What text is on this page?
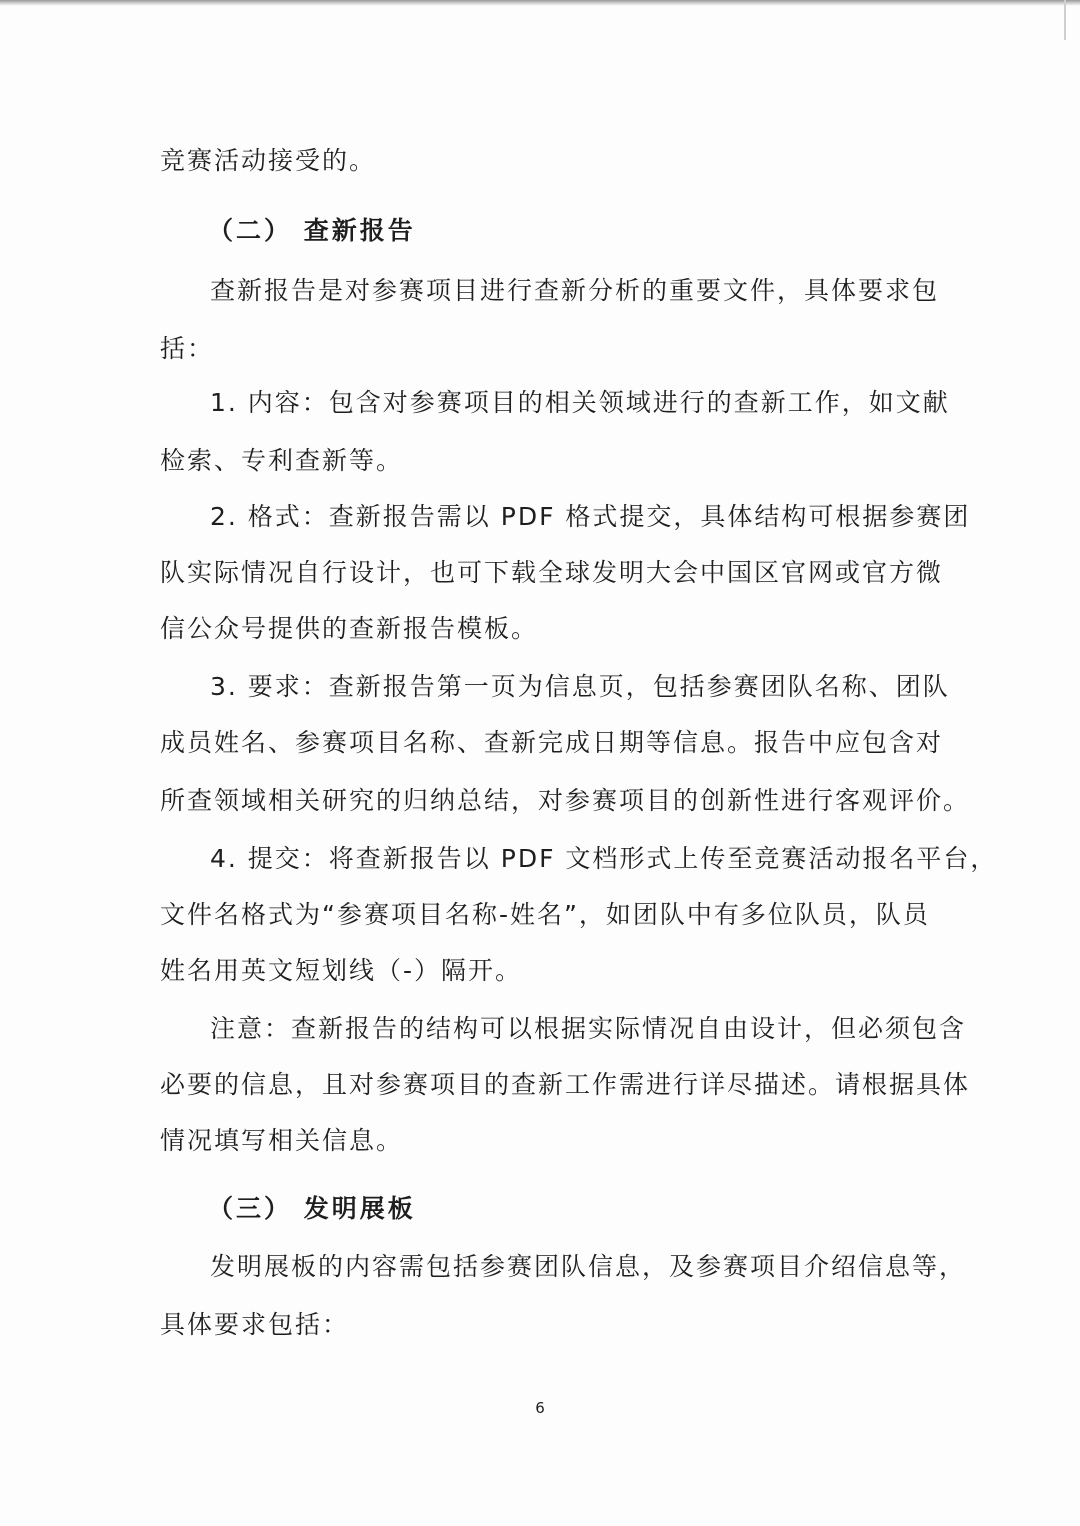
竞赛活动接受的。

（二） 查新报告

查新报告是对参赛项目进行查新分析的重要文件，具体要求包

括：

1. 内容：包含对参赛项目的相关领域进行的查新工作，如文献

检索、专利查新等。

2. 格式：查新报告需以 PDF 格式提交，具体结构可根据参赛团

队实际情况自行设计，也可下载全球发明大会中国区官网或官方微

信公众号提供的查新报告模板。

3. 要求：查新报告第一页为信息页，包括参赛团队名称、团队

成员姓名、参赛项目名称、查新完成日期等信息。报告中应包含对

所查领域相关研究的归纳总结，对参赛项目的创新性进行客观评价。

4. 提交：将查新报告以 PDF 文档形式上传至竞赛活动报名平台，

文件名格式为“参赛项目名称-姓名”，如团队中有多位队员，队员

姓名用英文短划线（-）隔开。

注意：查新报告的结构可以根据实际情况自由设计，但必须包含

必要的信息，且对参赛项目的查新工作需进行详尽描述。请根据具体

情况填写相关信息。

（三） 发明展板

发明展板的内容需包括参赛团队信息，及参赛项目介绍信息等，

具体要求包括：

6
